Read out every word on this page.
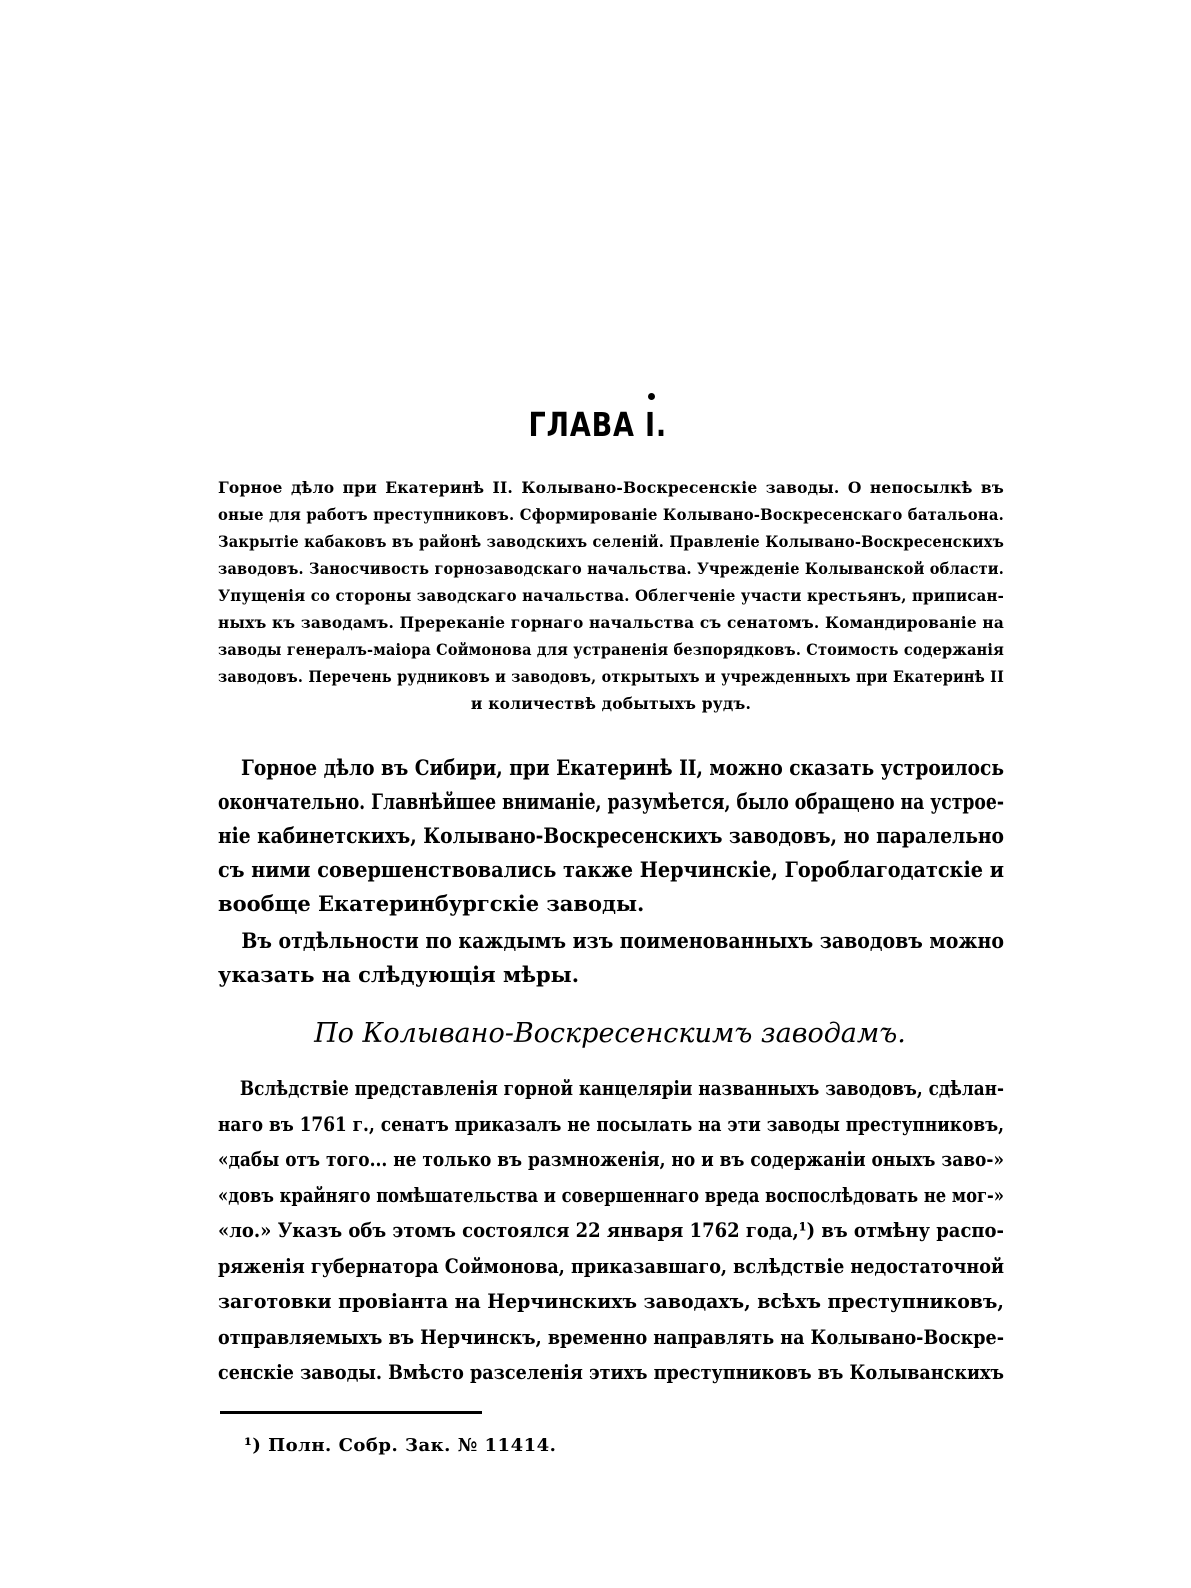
ГЛАВА I.
Горное дѣло при Екатеринѣ II. Колывано-Воскресенскіе заводы. О непосылкѣ въ
оные для работъ преступниковъ. Сформированіе Колывано-Воскресенскаго батальона.
Закрытіе кабаковъ въ районѣ заводскихъ селеній. Правленіе Колывано-Воскресенскихъ
заводовъ. Заносчивость горнозаводскаго начальства. Учрежденіе Колыванской области.
Упущенія со стороны заводскаго начальства. Облегченіе участи крестьянъ, приписан-
ныхъ къ заводамъ. Пререканіе горнаго начальства съ сенатомъ. Командированіе на
заводы генералъ-маіора Соймонова для устраненія безпорядковъ. Стоимость содержанія
заводовъ. Перечень рудниковъ и заводовъ, открытыхъ и учрежденныхъ при Екатеринѣ II
и количествѣ добытыхъ рудъ.
Горное дѣло въ Сибири, при Екатеринѣ II, можно сказать устроилось
окончательно. Главнѣйшее вниманіе, разумѣется, было обращено на устрое-
ніе кабинетскихъ, Колывано-Воскресенскихъ заводовъ, но паралельно
съ ними совершенствовались также Нерчинскіе, Гороблагодатскіе и
вообще Екатеринбургскіе заводы.
Въ отдѣльности по каждымъ изъ поименованныхъ заводовъ можно
указать на слѣдующія мѣры.
По Колывано-Воскресенскимъ заводамъ.
Вслѣдствіе представленія горной канцеляріи названныхъ заводовъ, сдѣлан-
наго въ 1761 г., сенатъ приказалъ не посылать на эти заводы преступниковъ,
«дабы отъ того... не только въ размноженія, но и въ содержаніи оныхъ заво-»
«довъ крайняго помѣшательства и совершеннаго вреда воспослѣдовать не мог-»
«ло.» Указъ объ этомъ состоялся 22 января 1762 года,¹) въ отмѣну распо-
ряженія губернатора Соймонова, приказавшаго, вслѣдствіе недостаточной
заготовки провіанта на Нерчинскихъ заводахъ, всѣхъ преступниковъ,
отправляемыхъ въ Нерчинскъ, временно направлять на Колывано-Воскре-
сенскіе заводы. Вмѣсто разселенія этихъ преступниковъ въ Колыванскихъ
¹) Полн. Собр. Зак. № 11414.
